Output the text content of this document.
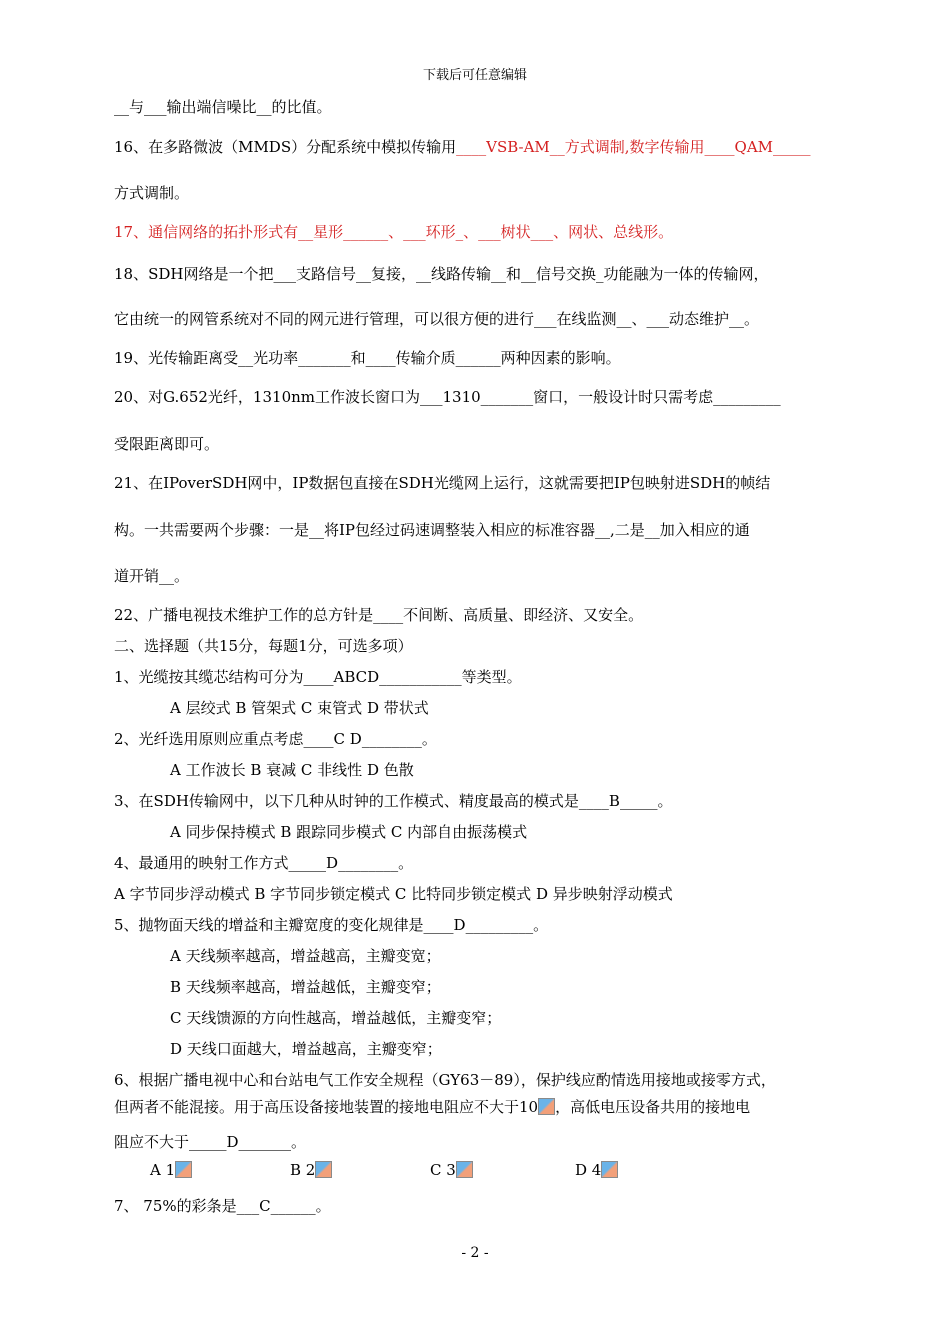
下载后可任意编辑
__与___输出端信噪比__的比值。
16、在多路微波（MMDS）分配系统中模拟传输用____VSB-AM__方式调制,数字传输用____QAM_____
方式调制。
17、通信网络的拓扑形式有__星形______、___环形_、___树状___、网状、总线形。
18、SDH网络是一个把___支路信号__复接，__线路传输__和__信号交换_功能融为一体的传输网，
它由统一的网管系统对不同的网元进行管理，可以很方便的进行___在线监测__、___动态维护__。
19、光传输距离受__光功率_______和____传输介质______两种因素的影响。
20、对G.652光纤，1310nm工作波长窗口为___1310_______窗口，一般设计时只需考虑_________
受限距离即可。
21、在IPoverSDH网中，IP数据包直接在SDH光缆网上运行，这就需要把IP包映射进SDH的帧结
构。一共需要两个步骤：一是__将IP包经过码速调整装入相应的标准容器__,二是__加入相应的通
道开销__。
22、广播电视技术维护工作的总方针是____不间断、高质量、即经济、又安全。
二、选择题（共15分，每题1分，可选多项）
1、光缆按其缆芯结构可分为____ABCD___________等类型。
A 层绞式 B 管架式 C 束管式 D 带状式
2、光纤选用原则应重点考虑____C D________。
A 工作波长 B 衰减 C 非线性 D 色散
3、在SDH传输网中，以下几种从时钟的工作模式、精度最高的模式是____B_____。
A 同步保持模式 B 跟踪同步模式 C 内部自由振荡模式
4、最通用的映射工作方式_____D________。
A 字节同步浮动模式 B 字节同步锁定模式 C 比特同步锁定模式 D 异步映射浮动模式
5、抛物面天线的增益和主瓣宽度的变化规律是____D_________。
A 天线频率越高，增益越高，主瓣变宽；
B 天线频率越高，增益越低，主瓣变窄；
C 天线馈源的方向性越高，增益越低，主瓣变窄；
D 天线口面越大，增益越高，主瓣变窄；
6、根据广播电视中心和台站电气工作安全规程（GY63－89），保护线应酌情选用接地或接零方式，
但两者不能混接。用于高压设备接地装置的接地电阻应不大于10 ，高低电压设备共用的接地电
阻应不大于_____D_______。
A 1	B 2	C 3	D 4
7、 75%的彩条是___C______。
- 2 -
